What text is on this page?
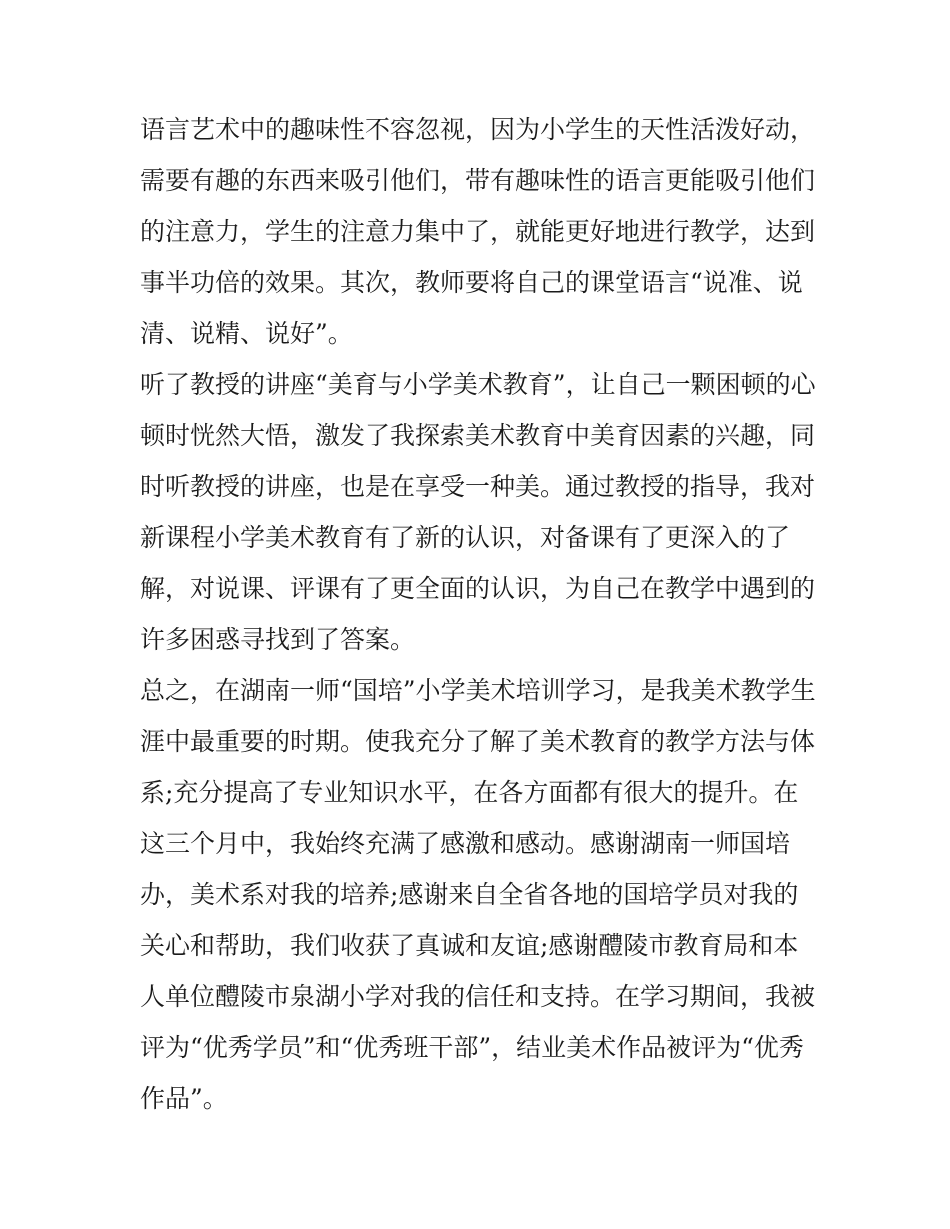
语言艺术中的趣味性不容忽视，因为小学生的天性活泼好动，
需要有趣的东西来吸引他们，带有趣味性的语言更能吸引他们
的注意力，学生的注意力集中了，就能更好地进行教学，达到
事半功倍的效果。其次，教师要将自己的课堂语言“说准、说
清、说精、说好”。
听了教授的讲座“美育与小学美术教育”，让自己一颗困顿的心
顿时恍然大悟，激发了我探索美术教育中美育因素的兴趣，同
时听教授的讲座，也是在享受一种美。通过教授的指导，我对
新课程小学美术教育有了新的认识，对备课有了更深入的了
解，对说课、评课有了更全面的认识，为自己在教学中遇到的
许多困惑寻找到了答案。
总之，在湖南一师“国培”小学美术培训学习，是我美术教学生
涯中最重要的时期。使我充分了解了美术教育的教学方法与体
系;充分提高了专业知识水平，在各方面都有很大的提升。在
这三个月中，我始终充满了感激和感动。感谢湖南一师国培
办，美术系对我的培养;感谢来自全省各地的国培学员对我的
关心和帮助，我们收获了真诚和友谊;感谢醴陵市教育局和本
人单位醴陵市泉湖小学对我的信任和支持。在学习期间，我被
评为“优秀学员”和“优秀班干部”，结业美术作品被评为“优秀
作品”。
